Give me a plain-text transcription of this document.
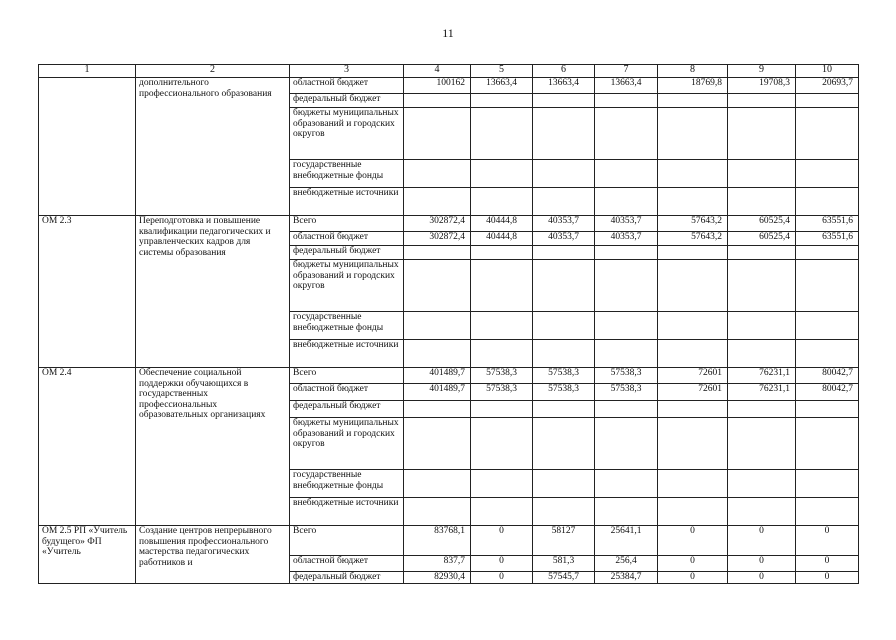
11
1	2	3	4	5	6	7	8	9	10
	дополнительного профессионального образования	областной бюджет	100162	13663,4	13663,4	13663,4	18769,8	19708,3	20693,7
		федеральный бюджет							
		бюджеты муниципальных образований и городских округов							
		государственные внебюджетные фонды							
		внебюджетные источники							
ОМ 2.3	Переподготовка и повышение квалификации педагогических и управленческих кадров для системы образования	Всего	302872,4	40444,8	40353,7	40353,7	57643,2	60525,4	63551,6
		областной бюджет	302872,4	40444,8	40353,7	40353,7	57643,2	60525,4	63551,6
		федеральный бюджет							
		бюджеты муниципальных образований и городских округов							
		государственные внебюджетные фонды							
		внебюджетные источники							
ОМ 2.4	Обеспечение социальной поддержки обучающихся в государственных профессиональных образовательных организациях	Всего	401489,7	57538,3	57538,3	57538,3	72601	76231,1	80042,7
		областной бюджет	401489,7	57538,3	57538,3	57538,3	72601	76231,1	80042,7
		федеральный бюджет							
		бюджеты муниципальных образований и городских округов							
		государственные внебюджетные фонды							
		внебюджетные источники							
ОМ 2.5 РП «Учитель будущего» ФП «Учитель	Создание центров непрерывного повышения профессионального мастерства педагогических работников и	Всего	83768,1	0	58127	25641,1	0	0	0
		областной бюджет	837,7	0	581,3	256,4	0	0	0
		федеральный бюджет	82930,4	0	57545,7	25384,7	0	0	0
